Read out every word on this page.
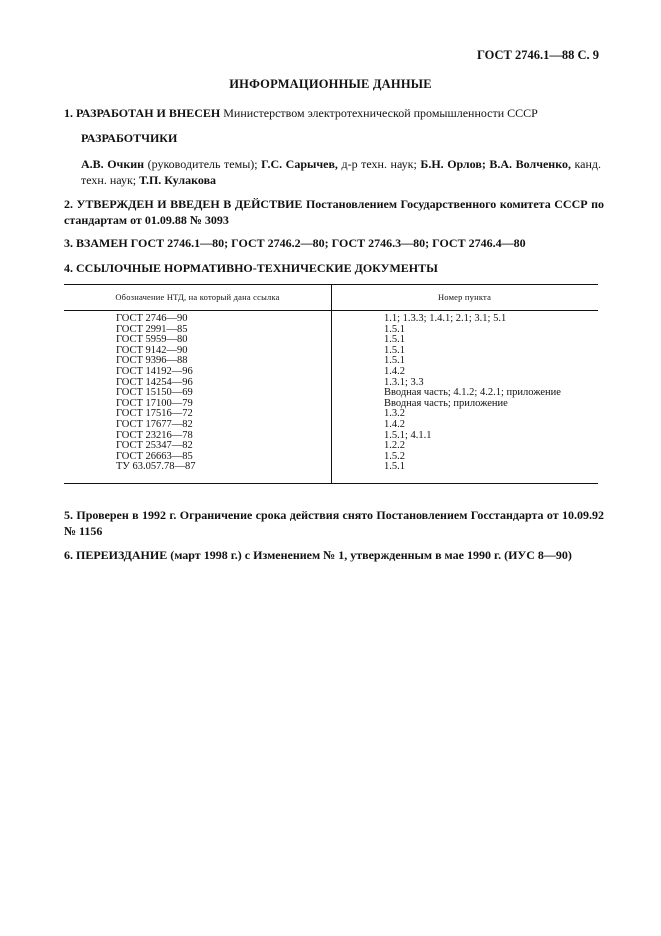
ГОСТ 2746.1—88 С. 9
ИНФОРМАЦИОННЫЕ ДАННЫЕ
1. РАЗРАБОТАН И ВНЕСЕН Министерством электротехнической промышленности СССР
РАЗРАБОТЧИКИ
А.В. Очкин (руководитель темы); Г.С. Сарычев, д-р техн. наук; Б.Н. Орлов; В.А. Волченко, канд. техн. наук; Т.П. Кулакова
2. УТВЕРЖДЕН И ВВЕДЕН В ДЕЙСТВИЕ Постановлением Государственного комитета СССР по стандартам от 01.09.88 № 3093
3. ВЗАМЕН ГОСТ 2746.1—80; ГОСТ 2746.2—80; ГОСТ 2746.3—80; ГОСТ 2746.4—80
4. ССЫЛОЧНЫЕ НОРМАТИВНО-ТЕХНИЧЕСКИЕ ДОКУМЕНТЫ
Обозначение НТД, на который дана ссылка	Номер пункта
ГОСТ 2746—90
ГОСТ 2991—85
ГОСТ 5959—80
ГОСТ 9142—90
ГОСТ 9396—88
ГОСТ 14192—96
ГОСТ 14254—96
ГОСТ 15150—69
ГОСТ 17100—79
ГОСТ 17516—72
ГОСТ 17677—82
ГОСТ 23216—78
ГОСТ 25347—82
ГОСТ 26663—85
ТУ 63.057.78—87
1.1; 1.3.3; 1.4.1; 2.1; 3.1; 5.1
1.5.1
1.5.1
1.5.1
1.5.1
1.4.2
1.3.1; 3.3
Вводная часть; 4.1.2; 4.2.1; приложение
Вводная часть; приложение
1.3.2
1.4.2
1.5.1; 4.1.1
1.2.2
1.5.2
1.5.1
5. Проверен в 1992 г. Ограничение срока действия снято Постановлением Госстандарта от 10.09.92 № 1156
6. ПЕРЕИЗДАНИЕ (март 1998 г.) с Изменением № 1, утвержденным в мае 1990 г. (ИУС 8—90)
